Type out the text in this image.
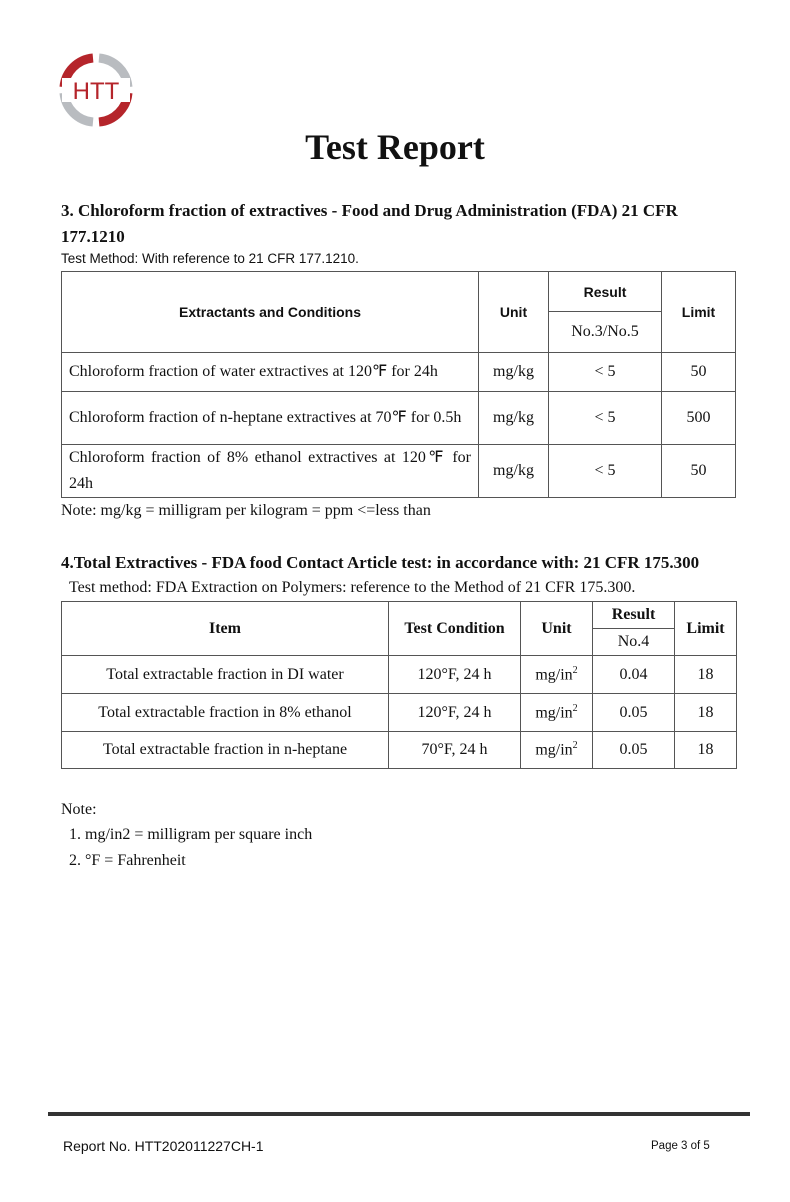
HTT
Test Report
3. Chloroform fraction of extractives - Food and Drug Administration (FDA) 21 CFR 177.1210
Test Method: With reference to 21 CFR 177.1210.
Extractants and Conditions	Unit	Result	Limit
		No.3/No.5	
Chloroform fraction of water extractives at 120℉ for 24h	mg/kg	< 5	50
Chloroform fraction of n-heptane extractives at 70℉ for 0.5h	mg/kg	< 5	500
Chloroform fraction of 8% ethanol extractives at 120℉ for 24h	mg/kg	< 5	50
Note: mg/kg = milligram per kilogram = ppm <=less than
4.Total Extractives - FDA food Contact Article test: in accordance with: 21 CFR 175.300
Test method: FDA Extraction on Polymers: reference to the Method of 21 CFR 175.300.
Item	Test Condition	Unit	Result	Limit
			No.4	
Total extractable fraction in DI water	120°F, 24 h	$mg/in^2$	0.04	18
Total extractable fraction in 8% ethanol	120°F, 24 h	$mg/in^2$	0.05	18
Total extractable fraction in n-heptane	70°F, 24 h	$mg/in^2$	0.05	18
Note:
1. mg/in2 = milligram per square inch
2. °F = Fahrenheit
Report No. HTT202011227CH-1	Page 3 of 5
